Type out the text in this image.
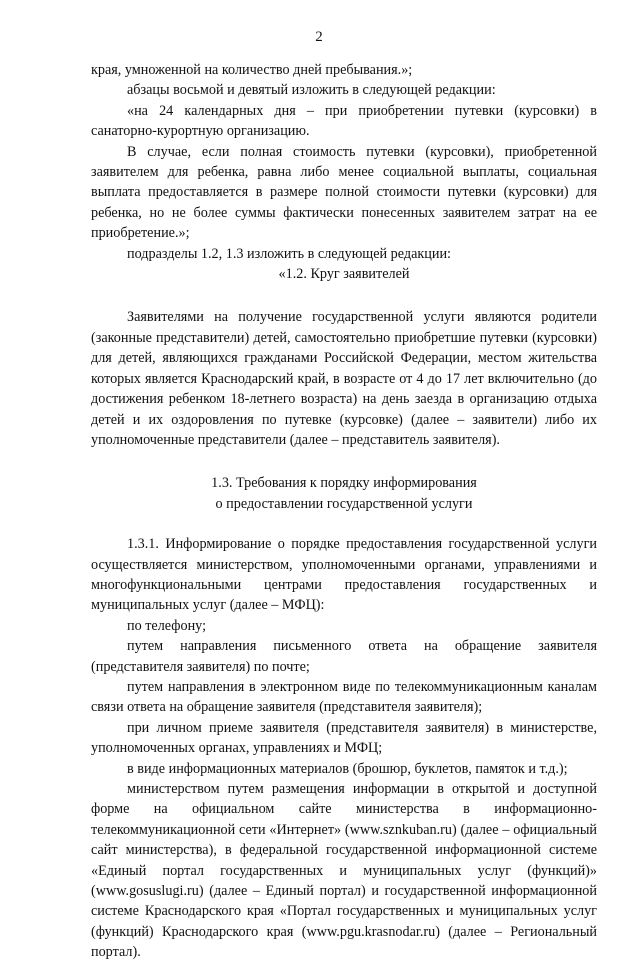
2

края, умноженной на количество дней пребывания.»;

абзацы восьмой и девятый изложить в следующей редакции:

«на 24 календарных дня – при приобретении путевки (курсовки) в санаторно-курортную организацию.

В случае, если полная стоимость путевки (курсовки), приобретенной заявителем для ребенка, равна либо менее социальной выплаты, социальная выплата предоставляется в размере полной стоимости путевки (курсовки) для ребенка, но не более суммы фактически понесенных заявителем затрат на ее приобретение.»;

подразделы 1.2, 1.3 изложить в следующей редакции:

«1.2. Круг заявителей

Заявителями на получение государственной услуги являются родители (законные представители) детей, самостоятельно приобретшие путевки (курсовки) для детей, являющихся гражданами Российской Федерации, местом жительства которых является Краснодарский край, в возрасте от 4 до 17 лет включительно (до достижения ребенком 18-летнего возраста) на день заезда в организацию отдыха детей и их оздоровления по путевке (курсовке) (далее – заявители) либо их уполномоченные представители (далее – представитель заявителя).

1.3. Требования к порядку информирования

о предоставлении государственной услуги

1.3.1. Информирование о порядке предоставления государственной услуги осуществляется министерством, уполномоченными органами, управлениями и многофункциональными центрами предоставления государственных и муниципальных услуг (далее – МФЦ):

по телефону;

путем направления письменного ответа на обращение заявителя (представителя заявителя) по почте;

путем направления в электронном виде по телекоммуникационным каналам связи ответа на обращение заявителя (представителя заявителя);

при личном приеме заявителя (представителя заявителя) в министерстве, уполномоченных органах, управлениях и МФЦ;

в виде информационных материалов (брошюр, буклетов, памяток и т.д.);

министерством путем размещения информации в открытой и доступной форме на официальном сайте министерства в информационно-телекоммуникационной сети «Интернет» (www.sznkuban.ru) (далее – официальный сайт министерства), в федеральной государственной информационной системе «Единый портал государственных и муниципальных услуг (функций)» (www.gosuslugi.ru) (далее – Единый портал) и государственной информационной системе Краснодарского края «Портал государственных и муниципальных услуг (функций) Краснодарского края (www.pgu.krasnodar.ru) (далее – Региональный портал).
